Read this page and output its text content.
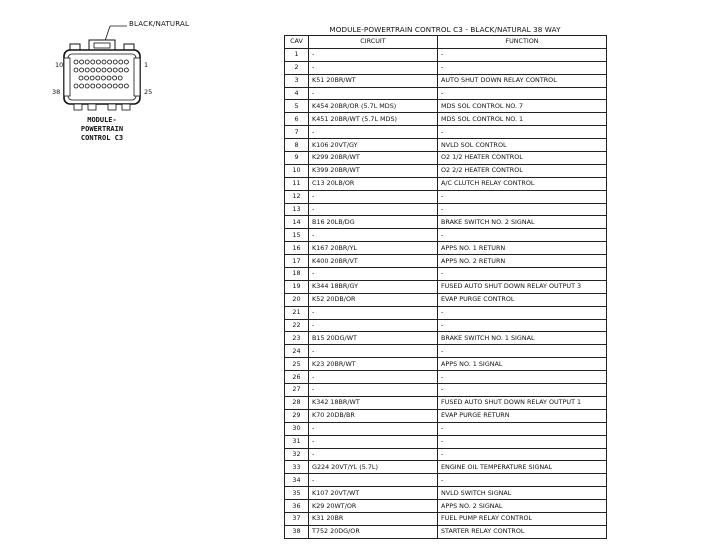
BLACK/NATURAL
10	1
38	25
MODULE-
POWERTRAIN
CONTROL C3
MODULE-POWERTRAIN CONTROL C3 - BLACK/NATURAL 38 WAY
CAV	CIRCUIT	FUNCTION
1	-	-
2	-	-
3	K51 20BR/WT	AUTO SHUT DOWN RELAY CONTROL
4	-	-
5	K454 20BR/OR (5.7L MDS)	MDS SOL CONTROL NO. 7
6	K451 20BR/WT (5.7L MDS)	MDS SOL CONTROL NO. 1
7	-	-
8	K106 20VT/GY	NVLD SOL CONTROL
9	K299 20BR/WT	O2 1/2 HEATER CONTROL
10	K399 20BR/WT	O2 2/2 HEATER CONTROL
11	C13 20LB/OR	A/C CLUTCH RELAY CONTROL
12	-	-
13	-	-
14	B16 20LB/DG	BRAKE SWITCH NO. 2 SIGNAL
15	-	-
16	K167 20BR/YL	APPS NO. 1 RETURN
17	K400 20BR/VT	APPS NO. 2 RETURN
18	-	-
19	K344 18BR/GY	FUSED AUTO SHUT DOWN RELAY OUTPUT 3
20	K52 20DB/OR	EVAP PURGE CONTROL
21	-	-
22	-	-
23	B15 20DG/WT	BRAKE SWITCH NO. 1 SIGNAL
24	-	-
25	K23 20BR/WT	APPS NO. 1 SIGNAL
26	-	-
27	-	-
28	K342 18BR/WT	FUSED AUTO SHUT DOWN RELAY OUTPUT 1
29	K70 20DB/BR	EVAP PURGE RETURN
30	-	-
31	-	-
32	-	-
33	G224 20VT/YL (5.7L)	ENGINE OIL TEMPERATURE SIGNAL
34	-	-
35	K107 20VT/WT	NVLD SWITCH SIGNAL
36	K29 20WT/OR	APPS NO. 2 SIGNAL
37	K31 20BR	FUEL PUMP RELAY CONTROL
38	T752 20DG/OR	STARTER RELAY CONTROL
